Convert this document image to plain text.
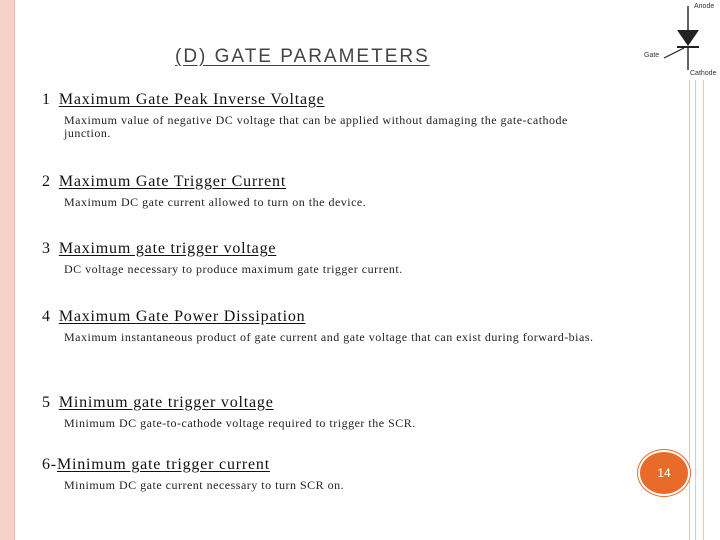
(D) GATE PARAMETERS
Anode
Gate
Cathode
1 Maximum Gate Peak Inverse Voltage
Maximum value of negative DC voltage that can be applied without damaging the gate-cathode junction.
2 Maximum Gate Trigger Current
Maximum DC gate current allowed to turn on the device.
3 Maximum gate trigger voltage
DC voltage necessary to produce maximum gate trigger current.
4 Maximum Gate Power Dissipation
Maximum instantaneous product of gate current and gate voltage that can exist during forward-bias.
5 Minimum gate trigger voltage
Minimum DC gate-to-cathode voltage required to trigger the SCR.
6-Minimum gate trigger current
Minimum DC gate current necessary to turn SCR on.
14
